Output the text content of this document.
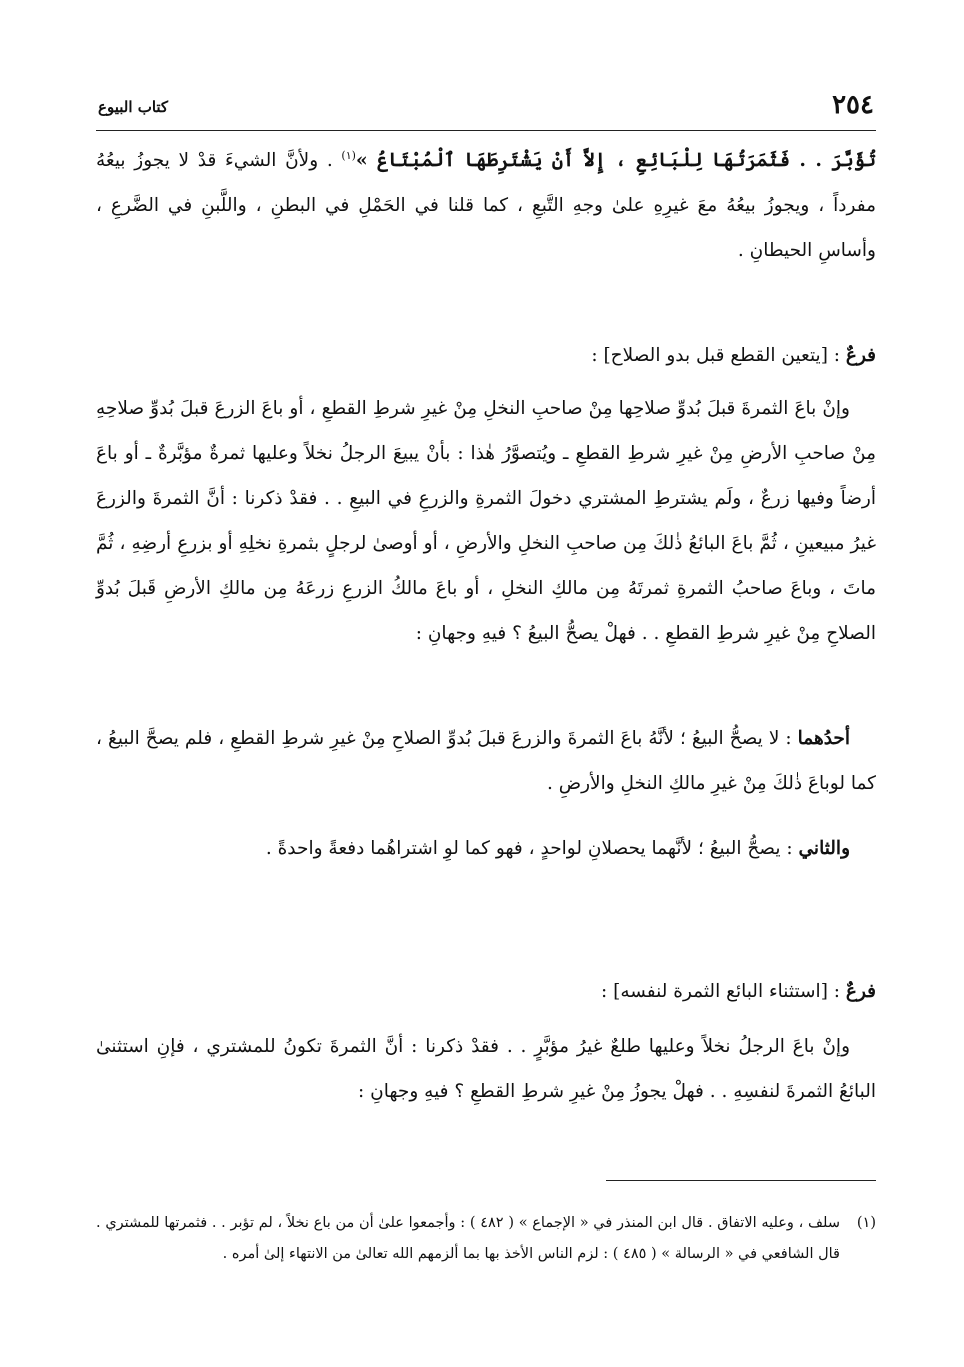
٢٥٤
كتاب البيوع

تُؤَبَّرَ . . فَثَمَرَتُهَا لِلْبَائِعِ ، إِلاَّ أَنْ يَشْتَرِطَهَا ٱلْمُبْتَاعُ »$^{(١)}$ . ولأنَّ الشيءَ قدْ لا يجوزُ بيعُهُ مفرداً ، ويجوزُ بيعُهُ معَ غيرِهِ علىٰ وجهِ التَّبعِ ، كما قلنا في الحَمْلِ في البطنِ ، واللَّبنِ في الضَّرعِ ، وأساسِ الحيطانِ .

فرعٌ : [يتعين القطع قبل بدو الصلاح] :

وإنْ باعَ الثمرةَ قبلَ بُدوِّ صلاحِها مِنْ صاحبِ النخلِ مِنْ غيرِ شرطِ القطعِ ، أو باعَ الزرعَ قبلَ بُدوِّ صلاحِهِ مِنْ صاحبِ الأرضِ مِنْ غيرِ شرطِ القطعِ ـ ويُتصوَّرُ هٰذا : بأنْ يبيعَ الرجلُ نخلاً وعليها ثمرةٌ مؤبَّرةٌ ـ أو باعَ أرضاً وفيها زرعٌ ، ولَم يشترطِ المشتري دخولَ الثمرةِ والزرعِ في البيعِ . . فقدْ ذكرنا : أنَّ الثمرةَ والزرعَ غيرُ مبيعينِ ، ثُمَّ باعَ البائعُ ذٰلكَ مِن صاحبِ النخلِ والأرضِ ، أو أوصىٰ لرجلٍ بثمرةِ نخلِهِ أو بزرعِ أرضِهِ ، ثُمَّ ماتَ ، وباعَ صاحبُ الثمرةِ ثمرتَهُ مِن مالكِ النخلِ ، أو باعَ مالكُ الزرعِ زرعَهُ مِن مالكِ الأرضِ قَبلَ بُدوِّ الصلاحِ مِنْ غيرِ شرطِ القطعِ . . فهلْ يصحُّ البيعُ ؟ فيهِ وجهانِ :

أحدُهما : لا يصحُّ البيعُ ؛ لأنَّهُ باعَ الثمرةَ والزرعَ قبلَ بُدوِّ الصلاحِ مِنْ غيرِ شرطِ القطعِ ، فلم يصحَّ البيعُ ، كما لوباعَ ذٰلكَ مِنْ غيرِ مالكِ النخلِ والأرضِ .

والثاني : يصحُّ البيعُ ؛ لأنَّهما يحصلانِ لواحدٍ ، فهو كما لوِ اشتراهُما دفعةً واحدةً .

فرعٌ : [استثناء البائع الثمرة لنفسه] :

وإنْ باعَ الرجلُ نخلاً وعليها طلعٌ غيرُ مؤبَّرٍ . . فقدْ ذكرنا : أنَّ الثمرةَ تكونُ للمشتري ، فإنِ استثنىٰ البائعُ الثمرةَ لنفسِهِ . . فهلْ يجوزُ مِنْ غيرِ شرطِ القطعِ ؟ فيهِ وجهانِ :

(١)
سلف ، وعليه الاتفاق . قال ابن المنذر في « الإجماع » ( ٤٨٢ ) : وأجمعوا علىٰ أن من باع نخلاً ، لم تؤبر . . فثمرتها للمشتري . قال الشافعي في « الرسالة » ( ٤٨٥ ) : لزم الناس الأخذ بها بما ألزمهم الله تعالىٰ من الانتهاء إلىٰ أمره .
